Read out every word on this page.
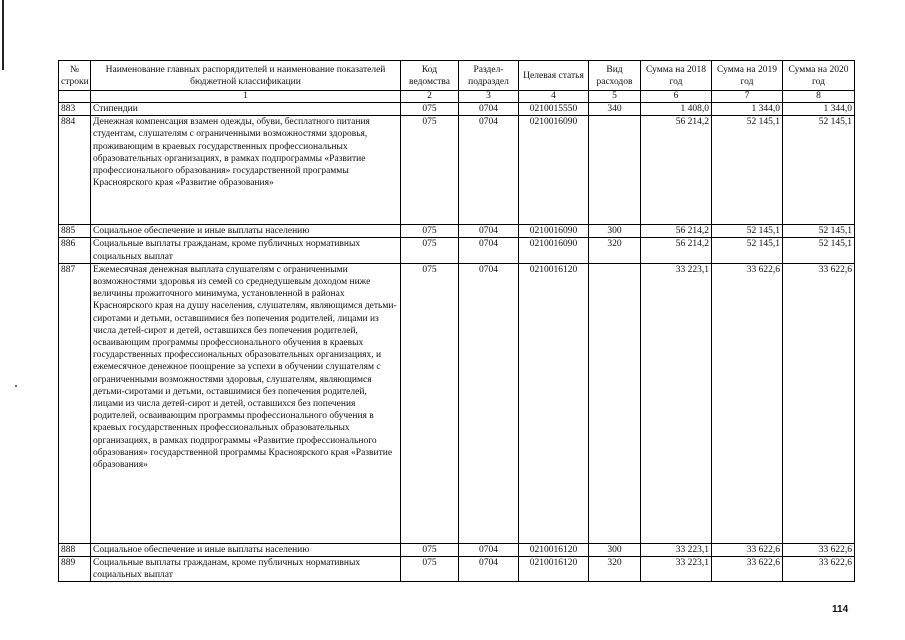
№ строки	Наименование главных распорядителей и наименование показателей бюджетной классификации	Код ведомства	Раздел-подраздел	Целевая статья	Вид расходов	Сумма на 2018 год	Сумма на 2019 год	Сумма на 2020 год
	1	2	3	4	5	6	7	8
883	Стипендии	075	0704	0210015550	340	1 408,0	1 344,0	1 344,0
884	Денежная компенсация взамен одежды, обуви, бесплатного питания студентам, слушателям с ограниченными возможностями здоровья, проживающим в краевых государственных профессиональных образовательных организациях, в рамках подпрограммы «Развитие профессионального образования» государственной программы Красноярского края «Развитие образования»	075	0704	0210016090		56 214,2	52 145,1	52 145,1
885	Социальное обеспечение и иные выплаты населению	075	0704	0210016090	300	56 214,2	52 145,1	52 145,1
886	Социальные выплаты гражданам, кроме публичных нормативных социальных выплат	075	0704	0210016090	320	56 214,2	52 145,1	52 145,1
887	Ежемесячная денежная выплата слушателям с ограниченными возможностями здоровья из семей со среднедушевым доходом ниже величины прожиточного минимума, установленной в районах Красноярского края на душу населения, слушателям, являющимся детьми-сиротами и детьми, оставшимися без попечения родителей, лицами из числа детей-сирот и детей, оставшихся без попечения родителей, осваивающим программы профессионального обучения в краевых государственных профессиональных образовательных организациях, и ежемесячное денежное поощрение за успехи в обучении слушателям с ограниченными возможностями здоровья, слушателям, являющимся детьми-сиротами и детьми, оставшимися без попечения родителей, лицами из числа детей-сирот и детей, оставшихся без попечения родителей, осваивающим программы профессионального обучения в краевых государственных профессиональных образовательных организациях, в рамках подпрограммы «Развитие профессионального образования» государственной программы Красноярского края «Развитие образования»	075	0704	0210016120		33 223,1	33 622,6	33 622,6
888	Социальное обеспечение и иные выплаты населению	075	0704	0210016120	300	33 223,1	33 622,6	33 622,6
889	Социальные выплаты гражданам, кроме публичных нормативных социальных выплат	075	0704	0210016120	320	33 223,1	33 622,6	33 622,6
114
